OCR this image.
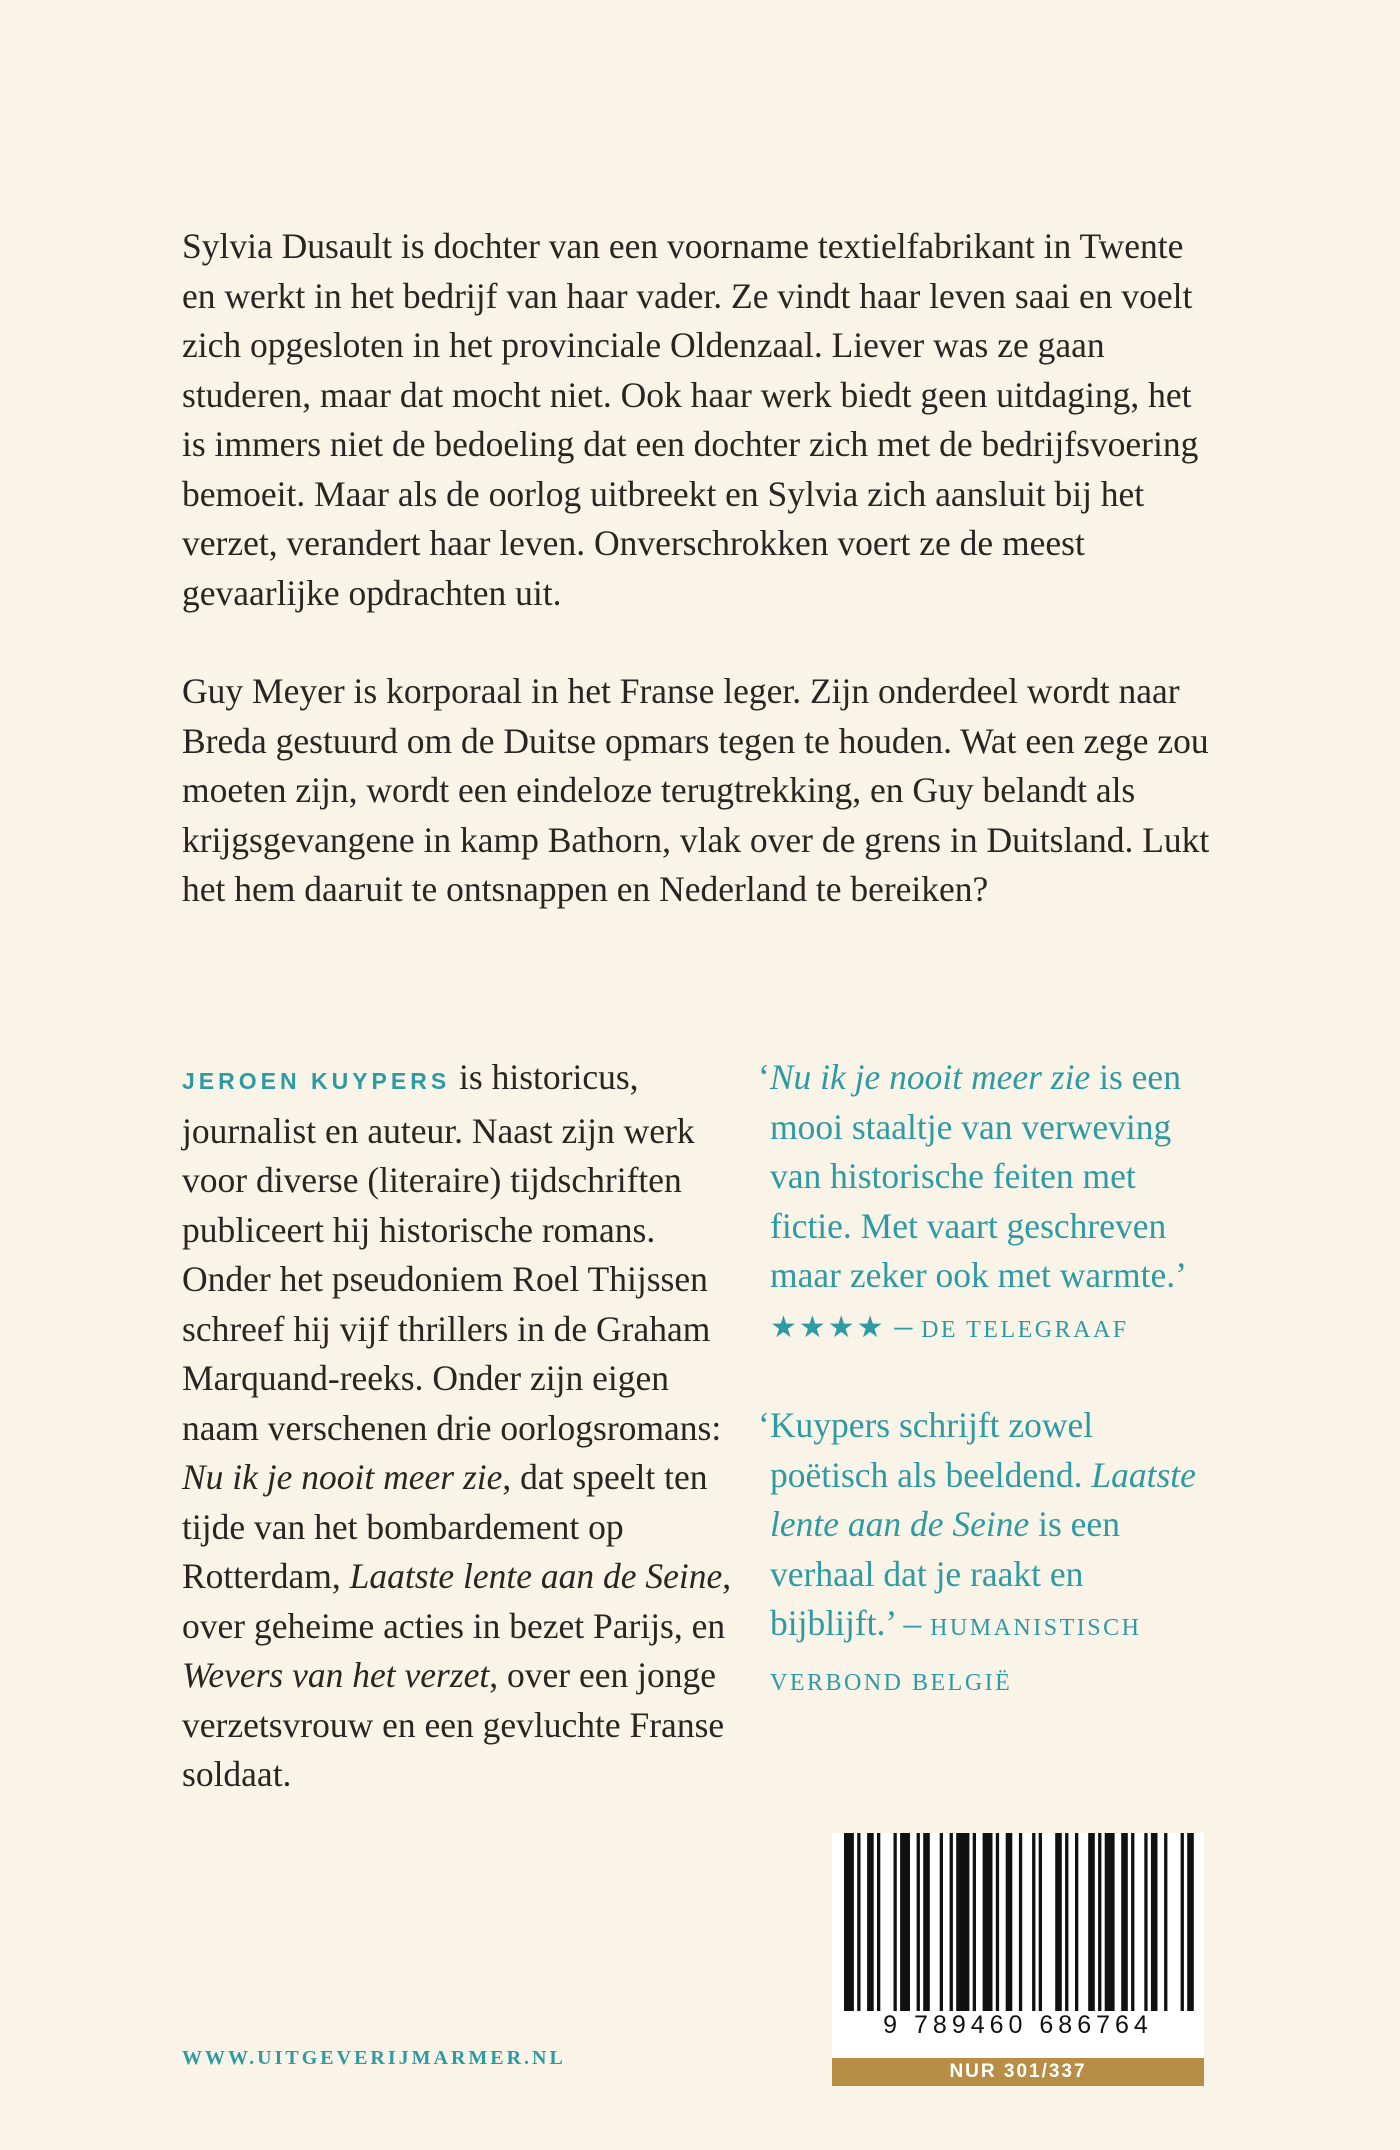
Sylvia Dusault is dochter van een voorname textielfabrikant in Twente en werkt in het bedrijf van haar vader. Ze vindt haar leven saai en voelt zich opgesloten in het provinciale Oldenzaal. Liever was ze gaan studeren, maar dat mocht niet. Ook haar werk biedt geen uitdaging, het is immers niet de bedoeling dat een dochter zich met de bedrijfsvoering bemoeit. Maar als de oorlog uitbreekt en Sylvia zich aansluit bij het verzet, verandert haar leven. Onverschrokken voert ze de meest gevaarlijke opdrachten uit.

Guy Meyer is korporaal in het Franse leger. Zijn onderdeel wordt naar Breda gestuurd om de Duitse opmars tegen te houden. Wat een zege zou moeten zijn, wordt een eindeloze terugtrekking, en Guy belandt als krijgsgevangene in kamp Bathorn, vlak over de grens in Duitsland. Lukt het hem daaruit te ontsnappen en Nederland te bereiken?

JEROEN KUYPERS is historicus, journalist en auteur. Naast zijn werk voor diverse (literaire) tijdschriften publiceert hij historische romans. Onder het pseudoniem Roel Thijssen schreef hij vijf thrillers in de Graham Marquand-reeks. Onder zijn eigen naam verschenen drie oorlogsromans: Nu ik je nooit meer zie, dat speelt ten tijde van het bombardement op Rotterdam, Laatste lente aan de Seine, over geheime acties in bezet Parijs, en Wevers van het verzet, over een jonge verzetsvrouw en een gevluchte Franse soldaat.

‘Nu ik je nooit meer zie is een mooi staaltje van verweving van historische feiten met fictie. Met vaart geschreven maar zeker ook met warmte.’
★★★★ – DE TELEGRAAF
‘Kuypers schrijft zowel poëtisch als beeldend. Laatste lente aan de Seine is een verhaal dat je raakt en bijblijft.’ – HUMANISTISCH VERBOND BELGIË
9 789460 686764
NUR 301/337
WWW.UITGEVERIJMARMER.NL
